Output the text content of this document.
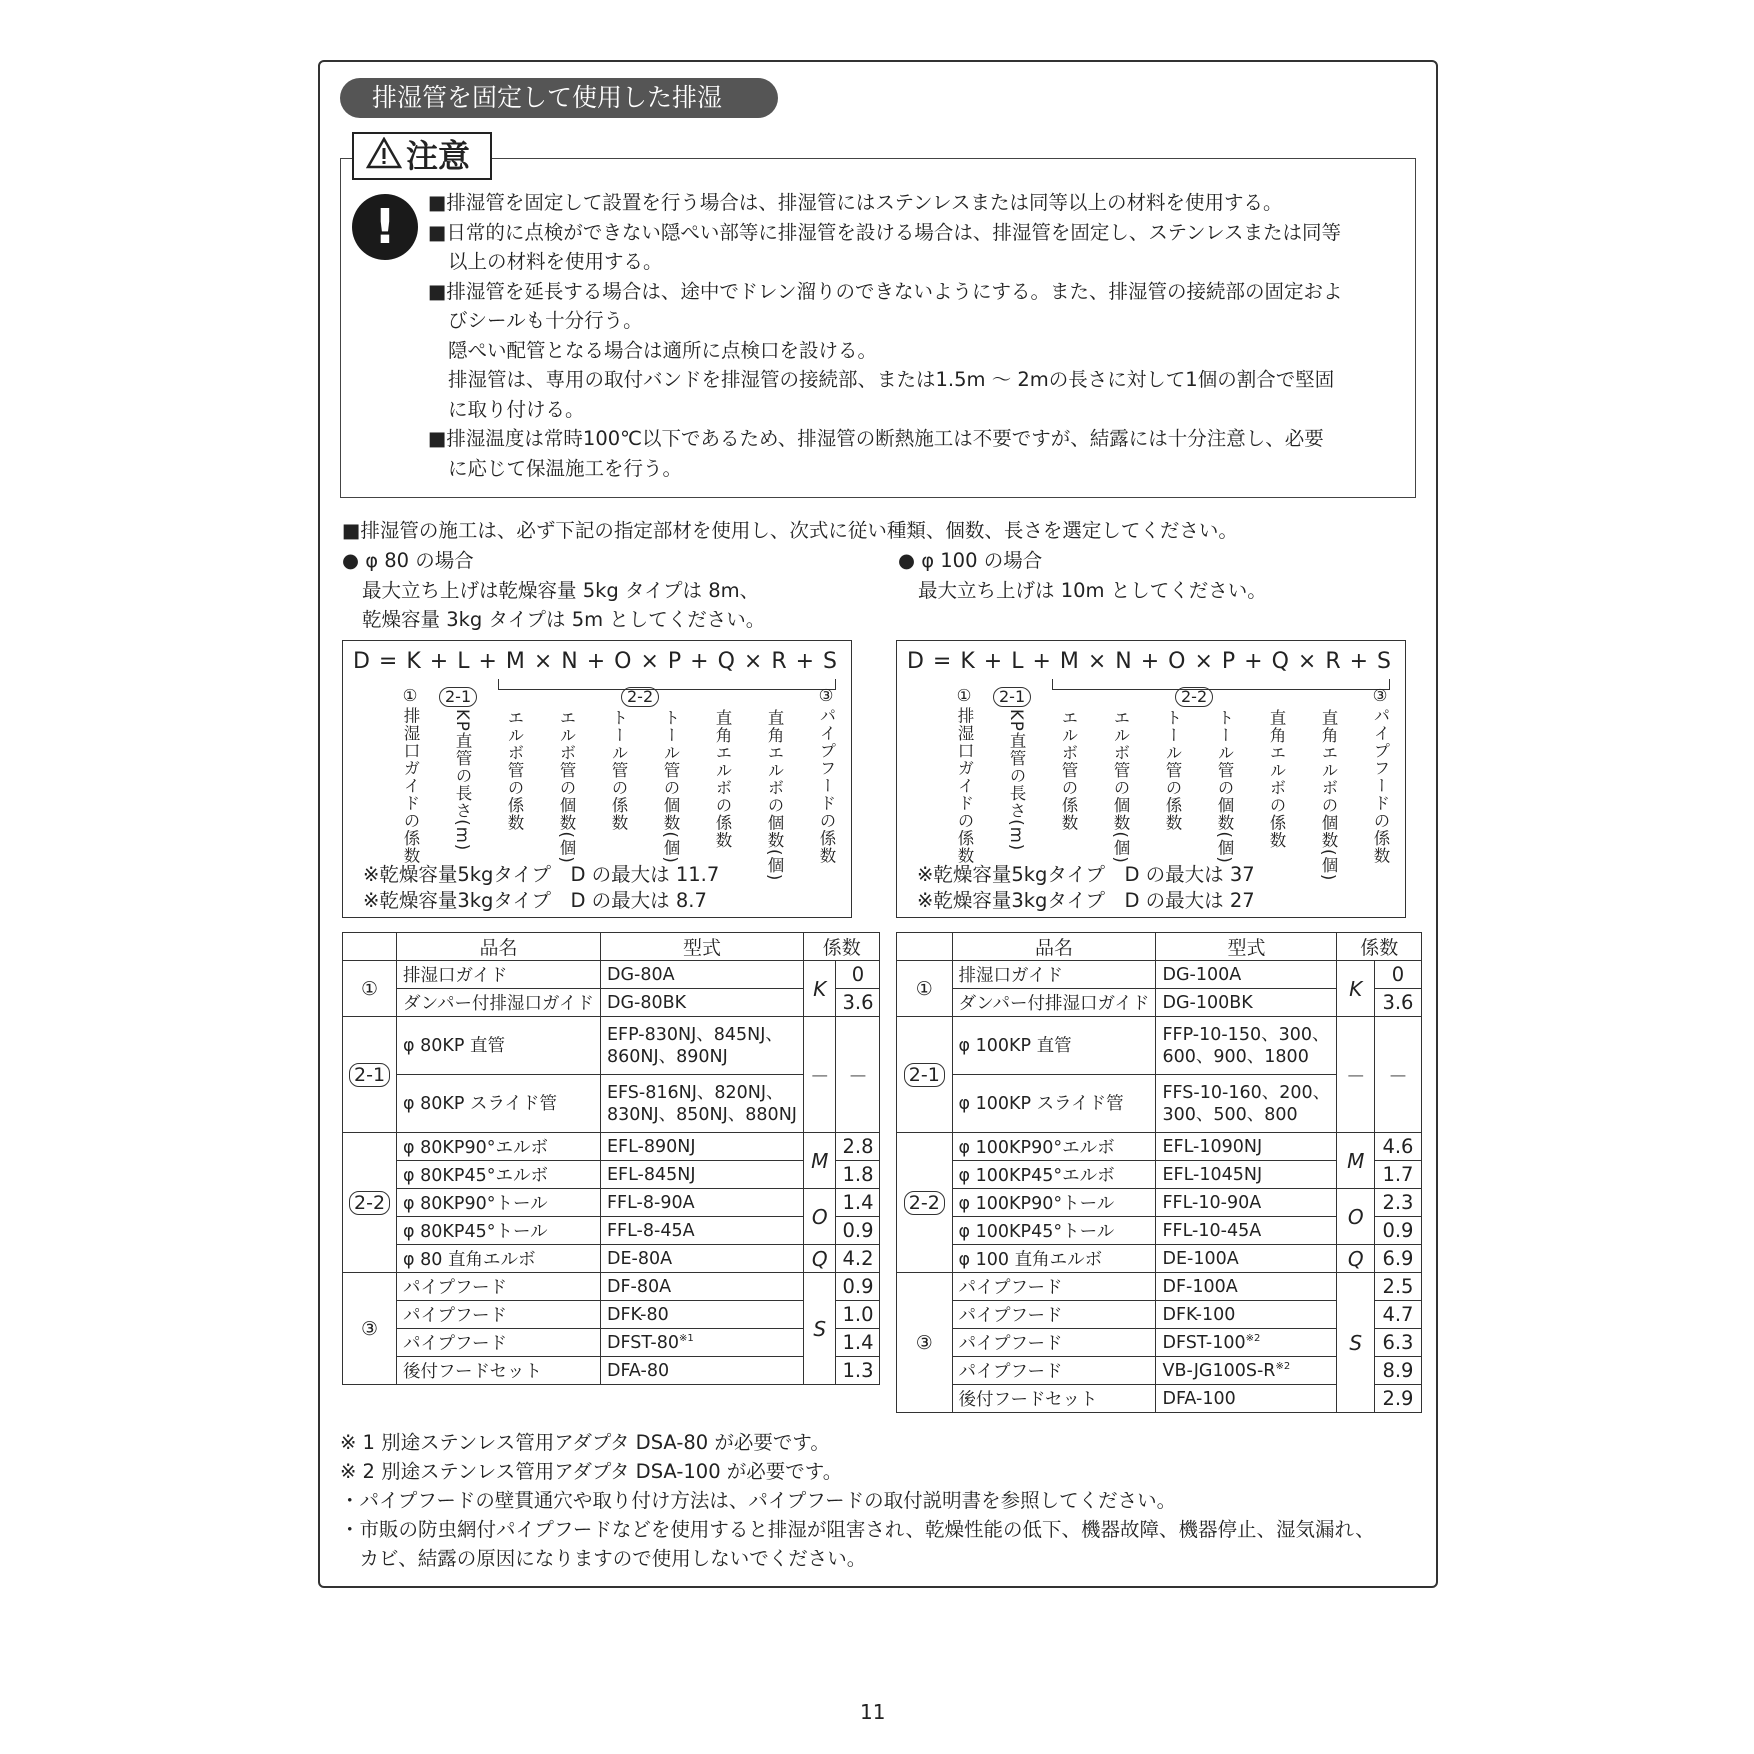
排湿管を固定して使用した排湿
注意
!	■排湿管を固定して設置を行う場合は、排湿管にはステンレスまたは同等以上の材料を使用する。
■日常的に点検ができない隠ぺい部等に排湿管を設ける場合は、排湿管を固定し、ステンレスまたは同等
以上の材料を使用する。
■排湿管を延長する場合は、途中でドレン溜りのできないようにする。また、排湿管の接続部の固定およ
びシールも十分行う。
隠ぺい配管となる場合は適所に点検口を設ける。
排湿管は、専用の取付バンドを排湿管の接続部、または1.5m ～ 2mの長さに対して1個の割合で堅固
に取り付ける。
■排湿温度は常時100℃以下であるため、排湿管の断熱施工は不要ですが、結露には十分注意し、必要
に応じて保温施工を行う。
■排湿管の施工は、必ず下記の指定部材を使用し、次式に従い種類、個数、長さを選定してください。
● φ 80 の場合
最大立ち上げは乾燥容量 5kg タイプは 8m、
乾燥容量 3kg タイプは 5m としてください。
● φ 100 の場合
最大立ち上げは 10m としてください。
D = K + L + M × N + O × P + Q × R + S
①
排湿口ガイドの係数
2-1
KP直管の長さ(m)
2-2
エルボ管の係数 エルボ管の個数(個) トール管の係数 トール管の個数(個) 直角エルボの係数 直角エルボの個数(個)
③
パイプフードの係数
※乾燥容量5kgタイプ　D の最大は 11.7
※乾燥容量3kgタイプ　D の最大は 8.7
D = K + L + M × N + O × P + Q × R + S
①
排湿口ガイドの係数
2-1
KP直管の長さ(m)
2-2
エルボ管の係数 エルボ管の個数(個) トール管の係数 トール管の個数(個) 直角エルボの係数 直角エルボの個数(個)
③
パイプフードの係数
※乾燥容量5kgタイプ　D の最大は 37
※乾燥容量3kgタイプ　D の最大は 27
	品名	型式	係数	
①	排湿口ガイド	DG-80A	K	0
	ダンパー付排湿口ガイド	DG-80BK		3.6
2-1	φ 80KP 直管	EFP-830NJ、845NJ、
860NJ、890NJ	－	－
	φ 80KP スライド管	EFS-816NJ、820NJ、
830NJ、850NJ、880NJ		

2-2	φ 80KP90°エルボ	EFL-890NJ	M	2.8
	φ 80KP45°エルボ	EFL-845NJ		1.8
	φ 80KP90°トール	FFL-8-90A	O	1.4
	φ 80KP45°トール	FFL-8-45A		0.9
	φ 80 直角エルボ	DE-80A	Q	4.2
③	パイプフード	DF-80A	S	0.9
	パイプフード	DFK-80		1.0
	パイプフード	DFST-80$^{※1}$		1.4
	後付フードセット	DFA-80		1.3
	品名	型式	係数	
①	排湿口ガイド	DG-100A	K	0
	ダンパー付排湿口ガイド	DG-100BK		3.6
2-1	φ 100KP 直管	FFP-10-150、300、
600、900、1800	－	－
	φ 100KP スライド管	FFS-10-160、200、
300、500、800		

2-2	φ 100KP90°エルボ	EFL-1090NJ	M	4.6
	φ 100KP45°エルボ	EFL-1045NJ		1.7
	φ 100KP90°トール	FFL-10-90A	O	2.3
	φ 100KP45°トール	FFL-10-45A		0.9
	φ 100 直角エルボ	DE-100A	Q	6.9
③	パイプフード	DF-100A	S	2.5
	パイプフード	DFK-100		4.7
	パイプフード	DFST-100$^{※2}$		6.3
	パイプフード	$VB-JG100S-R^{※2}$		8.9
	後付フードセット	DFA-100		2.9
※ 1 別途ステンレス管用アダプタ DSA-80 が必要です。
※ 2 別途ステンレス管用アダプタ DSA-100 が必要です。
・パイプフードの壁貫通穴や取り付け方法は、パイプフードの取付説明書を参照してください。
・市販の防虫網付パイプフードなどを使用すると排湿が阻害され、乾燥性能の低下、機器故障、機器停止、湿気漏れ、
　カビ、結露の原因になりますので使用しないでください。
11
